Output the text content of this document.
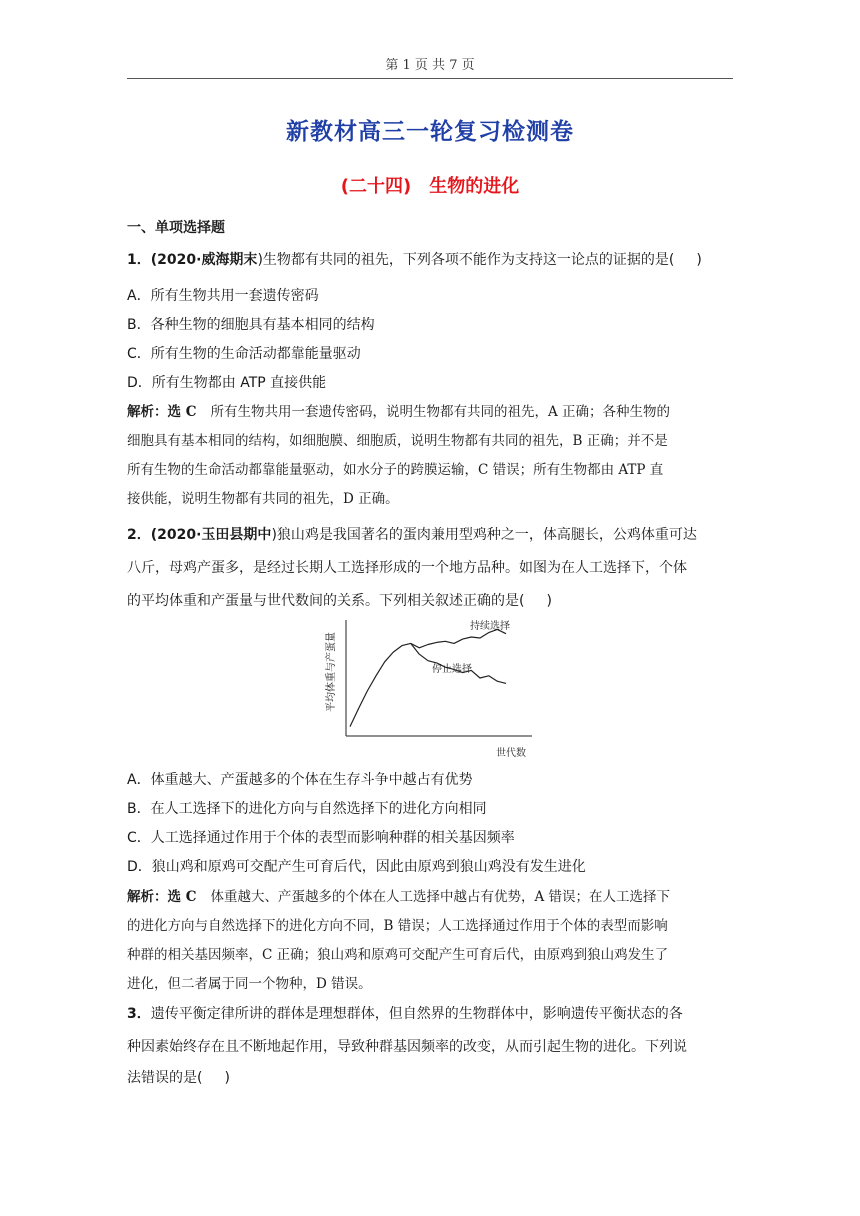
第 1 页 共 7 页
新教材高三一轮复习检测卷
(二十四) 生物的进化
一、单项选择题
1．(2020·威海期末)生物都有共同的祖先，下列各项不能作为支持这一论点的证据的是( )
A．所有生物共用一套遗传密码
B．各种生物的细胞具有基本相同的结构
C．所有生物的生命活动都靠能量驱动
D．所有生物都由 ATP 直接供能
解析：选 C 所有生物共用一套遗传密码，说明生物都有共同的祖先，A 正确；各种生物的
细胞具有基本相同的结构，如细胞膜、细胞质，说明生物都有共同的祖先，B 正确；并不是
所有生物的生命活动都靠能量驱动，如水分子的跨膜运输，C 错误；所有生物都由 ATP 直
接供能，说明生物都有共同的祖先，D 正确。
2．(2020·玉田县期中)狼山鸡是我国著名的蛋肉兼用型鸡种之一，体高腿长，公鸡体重可达
八斤，母鸡产蛋多，是经过长期人工选择形成的一个地方品种。如图为在人工选择下，个体
的平均体重和产蛋量与世代数间的关系。下列相关叙述正确的是( )
平均体重与产蛋量
世代数
持续选择
停止选择
A．体重越大、产蛋越多的个体在生存斗争中越占有优势
B．在人工选择下的进化方向与自然选择下的进化方向相同
C．人工选择通过作用于个体的表型而影响种群的相关基因频率
D．狼山鸡和原鸡可交配产生可育后代，因此由原鸡到狼山鸡没有发生进化
解析：选 C 体重越大、产蛋越多的个体在人工选择中越占有优势，A 错误；在人工选择下
的进化方向与自然选择下的进化方向不同，B 错误；人工选择通过作用于个体的表型而影响
种群的相关基因频率，C 正确；狼山鸡和原鸡可交配产生可育后代，由原鸡到狼山鸡发生了
进化，但二者属于同一个物种，D 错误。
3．遗传平衡定律所讲的群体是理想群体，但自然界的生物群体中，影响遗传平衡状态的各
种因素始终存在且不断地起作用，导致种群基因频率的改变，从而引起生物的进化。下列说
法错误的是( )
